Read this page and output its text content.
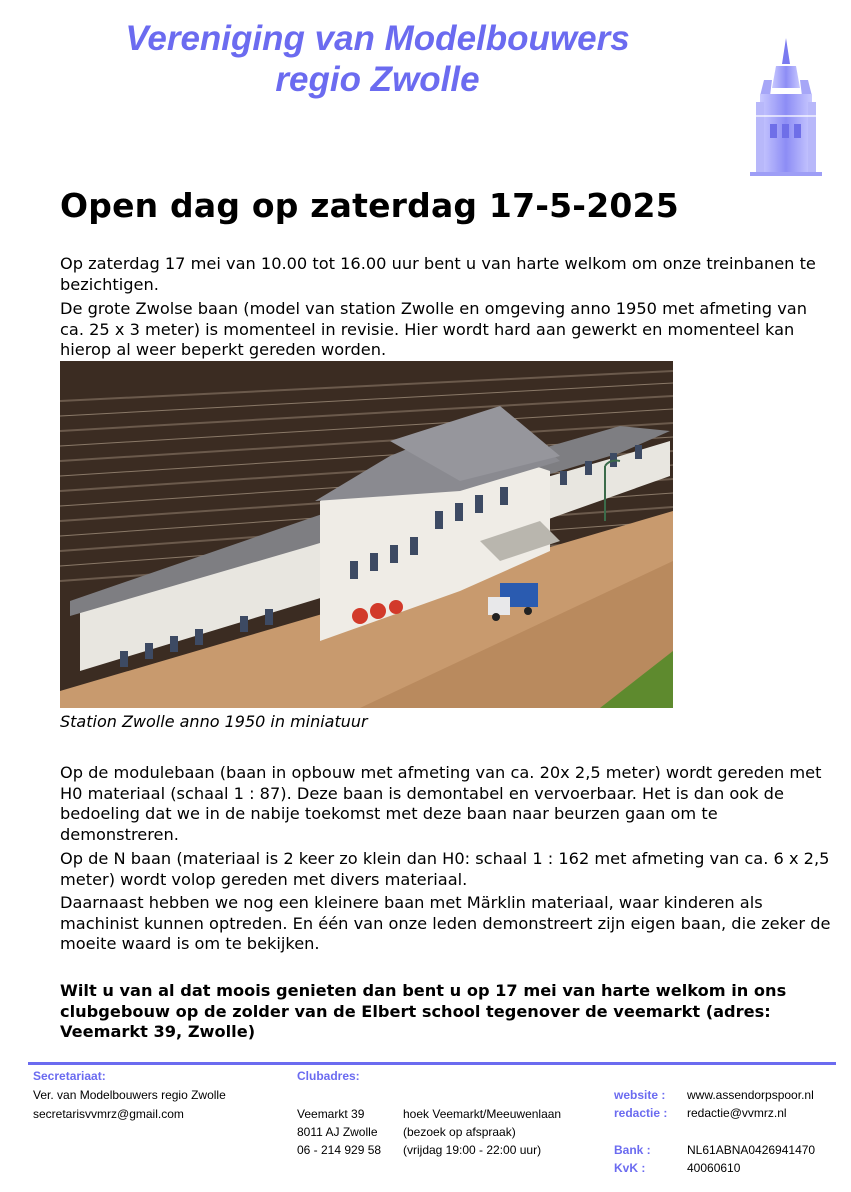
Vereniging van Modelbouwers
regio Zwolle
Open dag op zaterdag 17-5-2025
Op zaterdag 17 mei van 10.00 tot 16.00 uur bent u van harte welkom om onze treinbanen te bezichtigen.
De grote Zwolse baan (model van station Zwolle en omgeving anno 1950 met afmeting van ca. 25 x 3 meter) is momenteel in revisie. Hier wordt hard aan gewerkt en momenteel kan hierop al weer beperkt gereden worden.
Station Zwolle anno 1950 in miniatuur
Op de modulebaan (baan in opbouw met afmeting van ca. 20x 2,5 meter) wordt gereden met H0 materiaal (schaal 1 : 87). Deze baan is demontabel en vervoerbaar. Het is dan ook de bedoeling dat we in de nabije toekomst met deze baan naar beurzen gaan om te demonstreren.
Op de N baan (materiaal is 2 keer zo klein dan H0: schaal 1 : 162 met afmeting van ca. 6 x 2,5 meter) wordt volop gereden met divers materiaal.
Daarnaast hebben we nog een kleinere baan met Märklin materiaal, waar kinderen als machinist kunnen optreden. En één van onze leden demonstreert zijn eigen baan, die zeker de moeite waard is om te bekijken.
Wilt u van al dat moois genieten dan bent u op 17 mei van harte welkom in ons clubgebouw op de zolder van de Elbert school tegenover de veemarkt (adres: Veemarkt 39, Zwolle)
Secretariaat:
Ver. van Modelbouwers regio Zwolle
secretarisvvmrz@gmail.com
Clubadres:
Veemarkt 39
8011 AJ Zwolle
06 - 214 929 58
hoek Veemarkt/Meeuwenlaan
(bezoek op afspraak)
(vrijdag 19:00 - 22:00 uur)
website : www.assendorpspoor.nl
redactie : redactie@vvmrz.nl
Bank :	NL61ABNA0426941470
KvK :	40060610
